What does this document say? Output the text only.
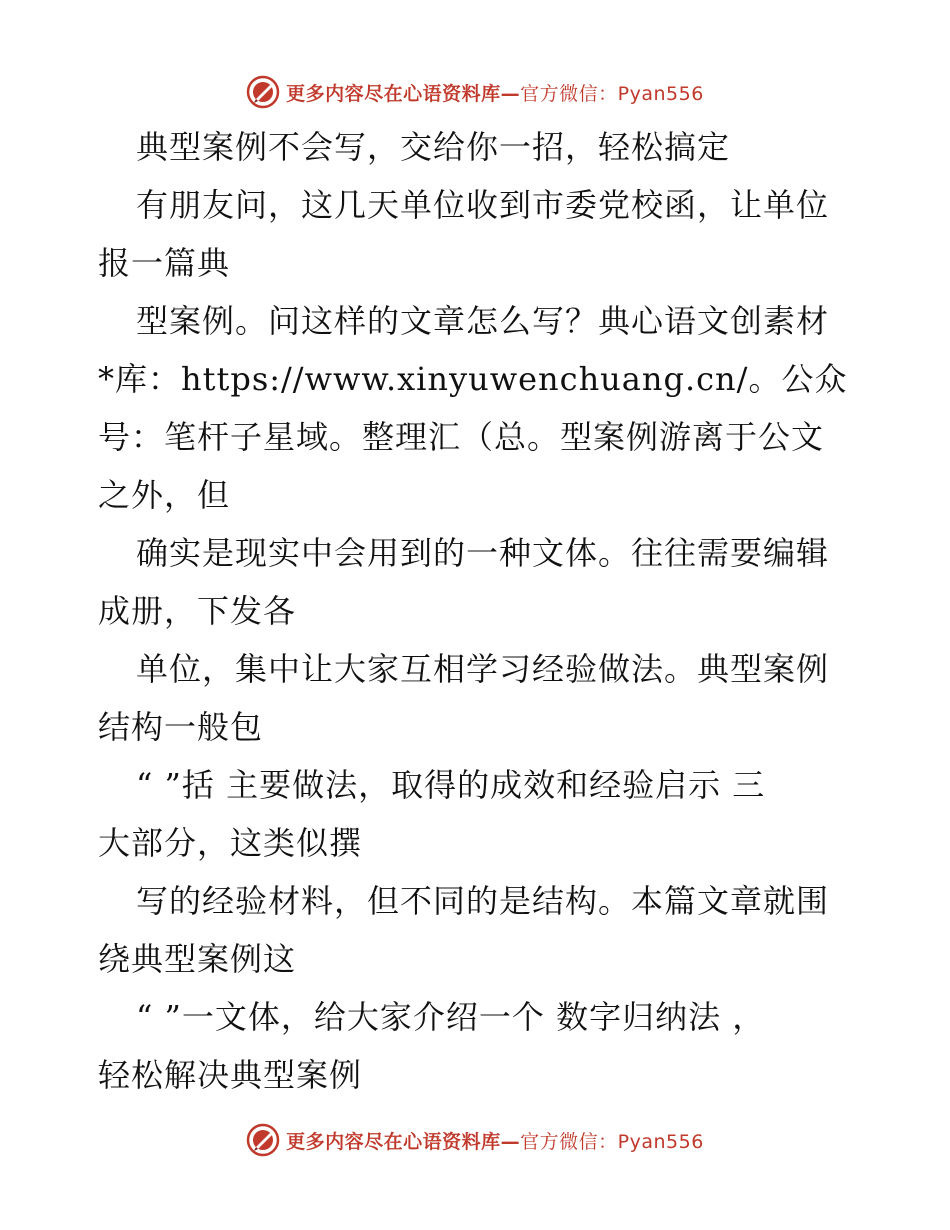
更多内容尽在心语资料库—官方微信：Pyan556
典型案例不会写，交给你一招，轻松搞定
有朋友问，这几天单位收到市委党校函，让单位
报一篇典
型案例。问这样的文章怎么写？典心语文创素材
*库：https://www.xinyuwenchuang.cn/。公众
号：笔杆子星域。整理汇（总。型案例游离于公文
之外，但
确实是现实中会用到的一种文体。往往需要编辑
成册，下发各
单位，集中让大家互相学习经验做法。典型案例
结构一般包
“ ”括 主要做法，取得的成效和经验启示 三
大部分，这类似撰
写的经验材料，但不同的是结构。本篇文章就围
绕典型案例这
“ ”一文体，给大家介绍一个 数字归纳法 ，
轻松解决典型案例
更多内容尽在心语资料库—官方微信：Pyan556
